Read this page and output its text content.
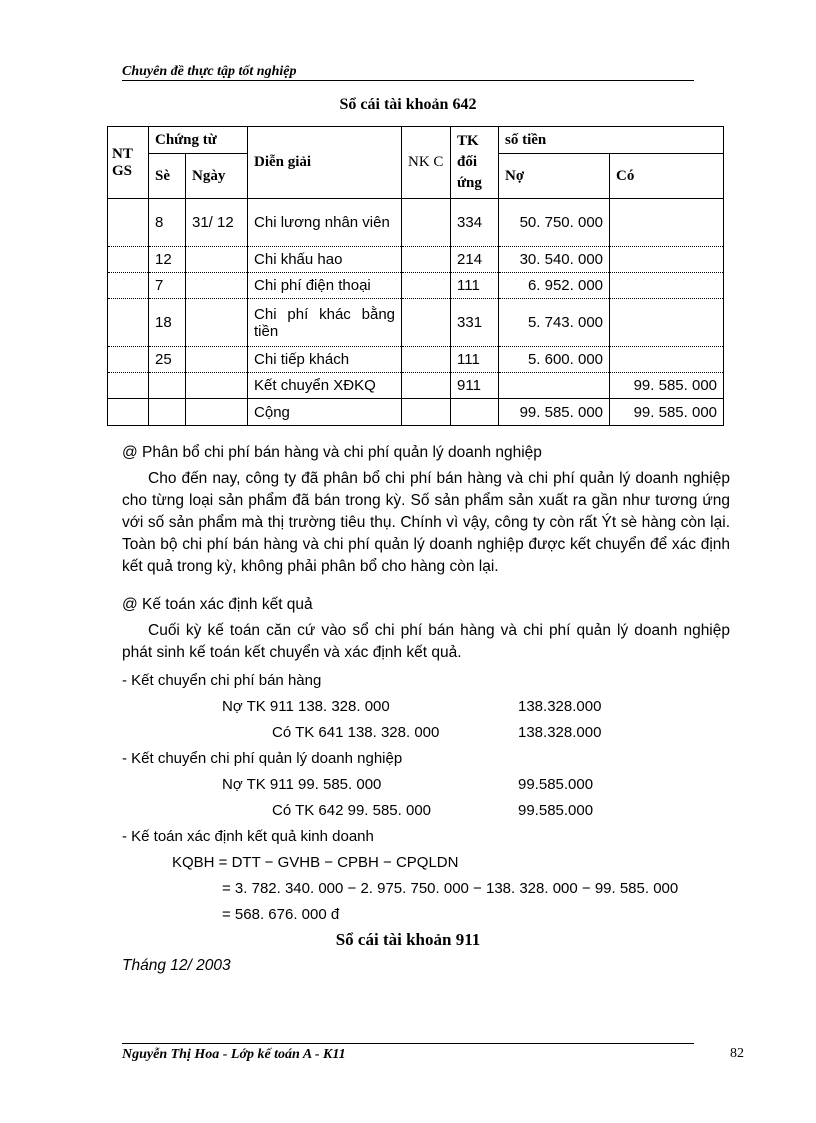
Chuyên đề thực tập tốt nghiệp
Sổ cái tài khoản 642
NT GS	Chứng từ		Diễn giải	NK C	TK đối ứng	số tiền	
	Sè	Ngày				Nợ	Có
	8	31/ 12	Chi lương nhân viên		334	50. 750. 000	
	12		Chi khấu hao		214	30. 540. 000	
	7		Chi phí điện thoại		111	6. 952. 000	
	18		Chi phí khác bằng tiền		331	5. 743. 000	
	25		Chi tiếp khách		111	5. 600. 000	
			Kết chuyển XĐKQ		911		99. 585. 000
			Cộng			99. 585. 000	99. 585. 000
@ Phân bổ chi phí bán hàng và chi phí quản lý doanh nghiệp
Cho đến nay, công ty đã phân bổ chi phí bán hàng và chi phí quản lý doanh nghiệp cho từng loại sản phẩm đã bán trong kỳ. Số sản phẩm sản xuất ra gần như tương ứng với số sản phẩm mà thị trường tiêu thụ. Chính vì vậy, công ty còn rất Ýt sè hàng còn lại. Toàn bộ chi phí bán hàng và chi phí quản lý doanh nghiệp được kết chuyển để xác định kết quả trong kỳ, không phải phân bổ cho hàng còn lại.
@ Kế toán xác định kết quả
Cuối kỳ kế toán căn cứ vào sổ chi phí bán hàng và chi phí quản lý doanh nghiệp phát sinh kế toán kết chuyển và xác định kết quả.
- Kết chuyển chi phí bán hàng
Nợ TK 911 138. 328. 000	138.328.000
Có TK 641 138. 328. 000	138.328.000
- Kết chuyển chi phí quản lý doanh nghiệp
Nợ TK 911 99. 585. 000	99.585.000
Có TK 642 99. 585. 000	99.585.000
- Kế toán xác định kết quả kinh doanh
KQBH = DTT − GVHB − CPBH − CPQLDN
= 3. 782. 340. 000 − 2. 975. 750. 000 − 138. 328. 000 − 99. 585. 000
= 568. 676. 000 đ
Sổ cái tài khoản 911
Tháng 12/ 2003
Nguyễn Thị Hoa - Lớp kế toán A - K11	82
